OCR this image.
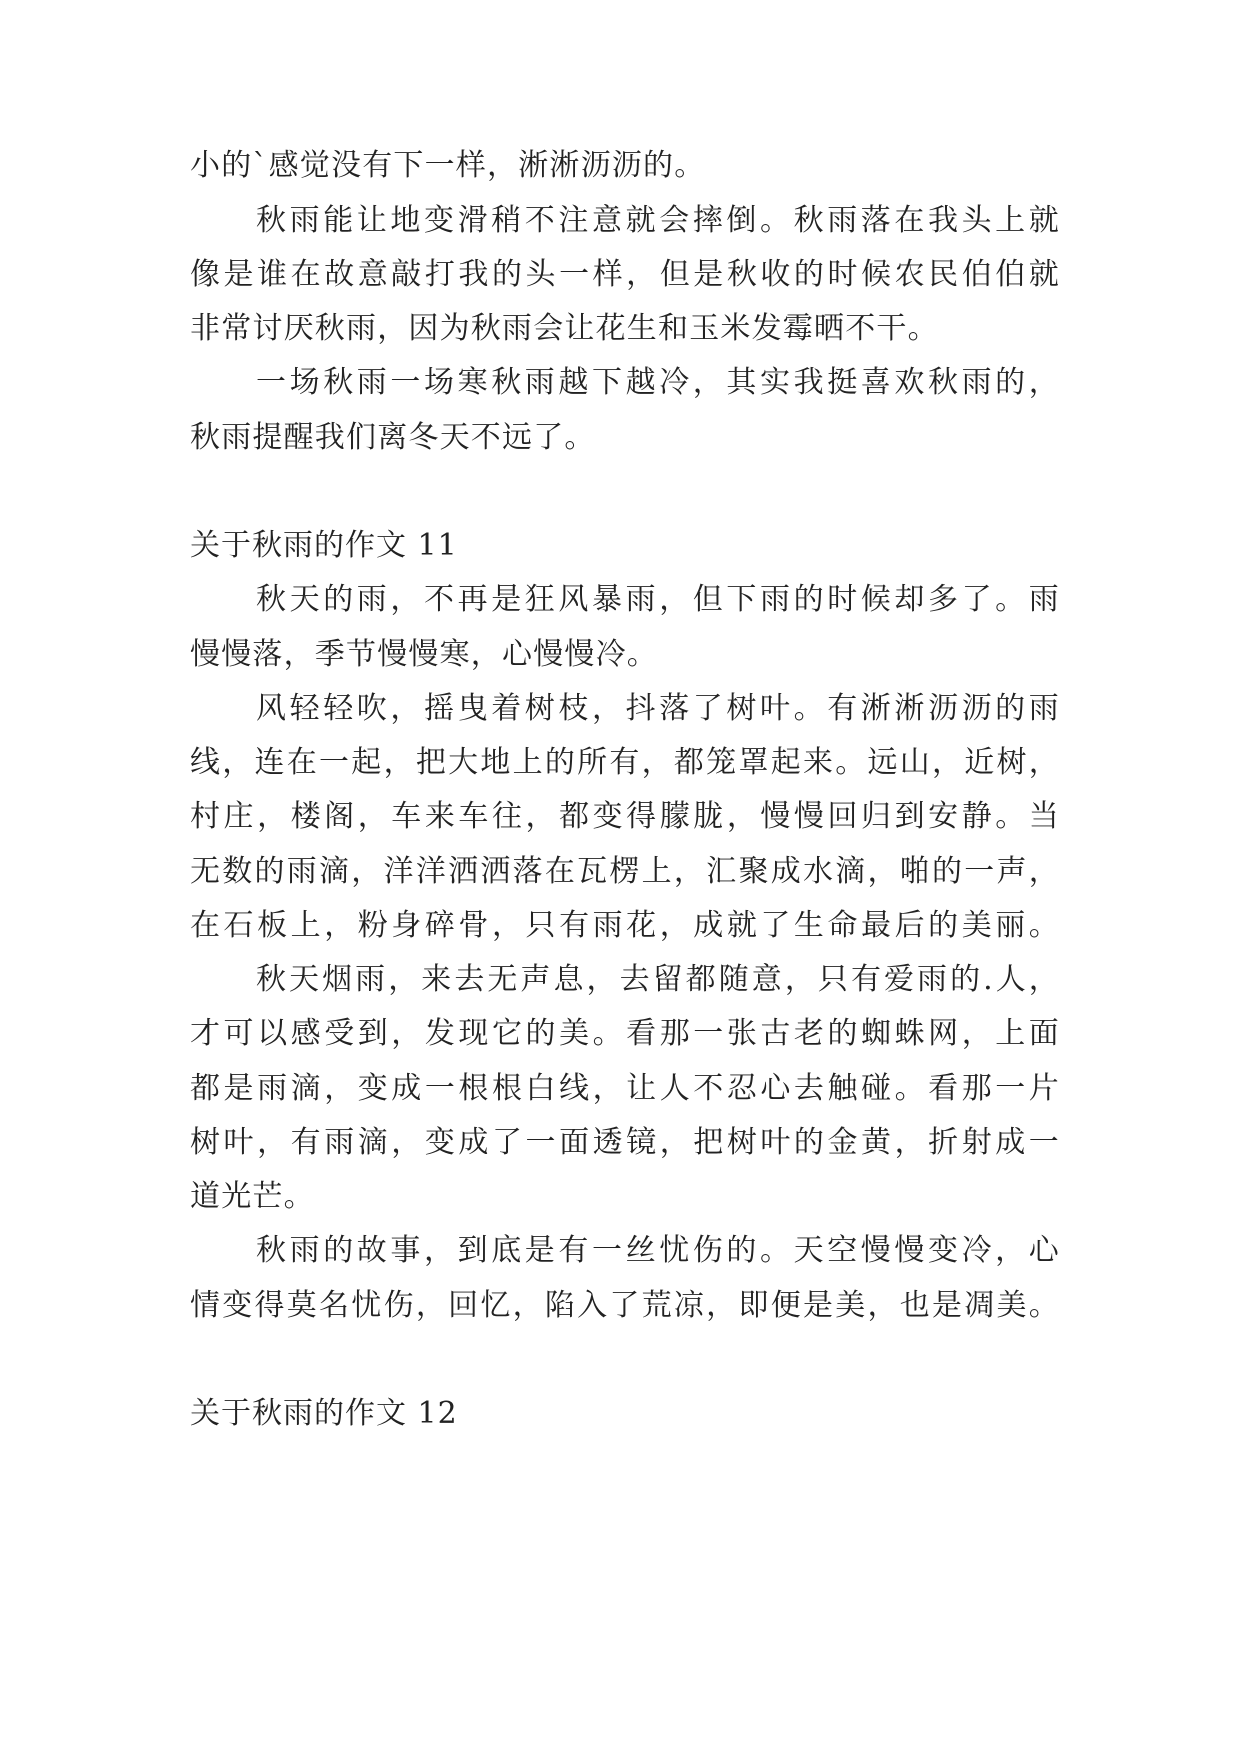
小的`感觉没有下一样，淅淅沥沥的。
秋雨能让地变滑稍不注意就会摔倒。秋雨落在我头上就
像是谁在故意敲打我的头一样，但是秋收的时候农民伯伯就
非常讨厌秋雨，因为秋雨会让花生和玉米发霉晒不干。
一场秋雨一场寒秋雨越下越冷，其实我挺喜欢秋雨的，
秋雨提醒我们离冬天不远了。
关于秋雨的作文 11
秋天的雨，不再是狂风暴雨，但下雨的时候却多了。雨
慢慢落，季节慢慢寒，心慢慢冷。
风轻轻吹，摇曳着树枝，抖落了树叶。有淅淅沥沥的雨
线，连在一起，把大地上的所有，都笼罩起来。远山，近树，
村庄，楼阁，车来车往，都变得朦胧，慢慢回归到安静。当
无数的雨滴，洋洋洒洒落在瓦楞上，汇聚成水滴，啪的一声，
在石板上，粉身碎骨，只有雨花，成就了生命最后的美丽。
秋天烟雨，来去无声息，去留都随意，只有爱雨的.人，
才可以感受到，发现它的美。看那一张古老的蜘蛛网，上面
都是雨滴，变成一根根白线，让人不忍心去触碰。看那一片
树叶，有雨滴，变成了一面透镜，把树叶的金黄，折射成一
道光芒。
秋雨的故事，到底是有一丝忧伤的。天空慢慢变冷，心
情变得莫名忧伤，回忆，陷入了荒凉，即便是美，也是凋美。
关于秋雨的作文 12
